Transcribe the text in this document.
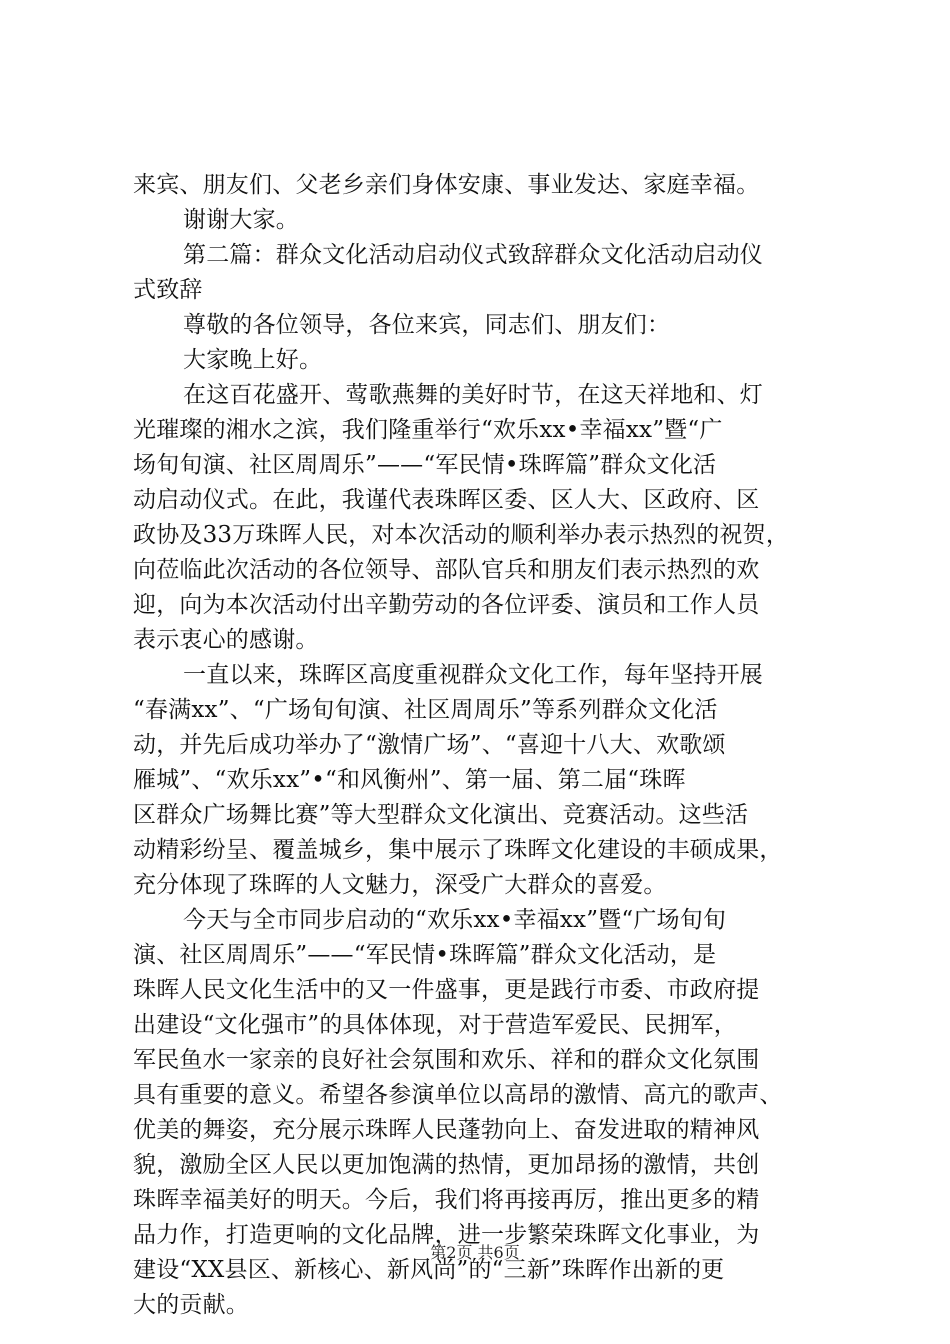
来宾、朋友们、父老乡亲们身体安康、事业发达、家庭幸福。
谢谢大家。
第二篇：群众文化活动启动仪式致辞群众文化活动启动仪
式致辞
尊敬的各位领导，各位来宾，同志们、朋友们：
大家晚上好。
在这百花盛开、莺歌燕舞的美好时节，在这天祥地和、灯
光璀璨的湘水之滨，我们隆重举行“欢乐xx•幸福xx”暨“广
场旬旬演、社区周周乐”——“军民情•珠晖篇”群众文化活
动启动仪式。在此，我谨代表珠晖区委、区人大、区政府、区
政协及33万珠晖人民，对本次活动的顺利举办表示热烈的祝贺，
向莅临此次活动的各位领导、部队官兵和朋友们表示热烈的欢
迎，向为本次活动付出辛勤劳动的各位评委、演员和工作人员
表示衷心的感谢。
一直以来，珠晖区高度重视群众文化工作，每年坚持开展
“春满xx”、“广场旬旬演、社区周周乐”等系列群众文化活
动，并先后成功举办了“激情广场”、“喜迎十八大、欢歌颂
雁城”、“欢乐xx”•“和风衡州”、第一届、第二届“珠晖
区群众广场舞比赛”等大型群众文化演出、竞赛活动。这些活
动精彩纷呈、覆盖城乡，集中展示了珠晖文化建设的丰硕成果，
充分体现了珠晖的人文魅力，深受广大群众的喜爱。
今天与全市同步启动的“欢乐xx•幸福xx”暨“广场旬旬
演、社区周周乐”——“军民情•珠晖篇”群众文化活动，是
珠晖人民文化生活中的又一件盛事，更是践行市委、市政府提
出建设“文化强市”的具体体现，对于营造军爱民、民拥军，
军民鱼水一家亲的良好社会氛围和欢乐、祥和的群众文化氛围
具有重要的意义。希望各参演单位以高昂的激情、高亢的歌声、
优美的舞姿，充分展示珠晖人民蓬勃向上、奋发进取的精神风
貌，激励全区人民以更加饱满的热情，更加昂扬的激情，共创
珠晖幸福美好的明天。今后，我们将再接再厉，推出更多的精
品力作，打造更响的文化品牌，进一步繁荣珠晖文化事业，为
建设“XX县区、新核心、新风尚”的“三新”珠晖作出新的更
大的贡献。
第2页 共6页
